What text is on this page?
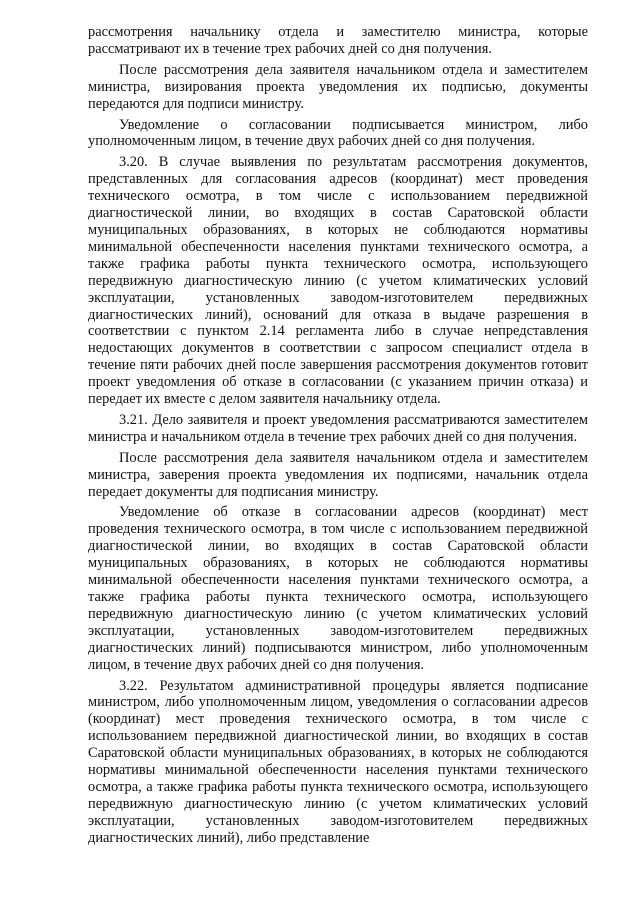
рассмотрения начальнику отдела и заместителю министра, которые рассматривают их в течение трех рабочих дней со дня получения.

После рассмотрения дела заявителя начальником отдела и заместителем министра, визирования проекта уведомления их подписью, документы передаются для подписи министру.

Уведомление о согласовании подписывается министром, либо уполномоченным лицом, в течение двух рабочих дней со дня получения.

3.20. В случае выявления по результатам рассмотрения документов, представленных для согласования адресов (координат) мест проведения технического осмотра, в том числе с использованием передвижной диагностической линии, во входящих в состав Саратовской области муниципальных образованиях, в которых не соблюдаются нормативы минимальной обеспеченности населения пунктами технического осмотра, а также графика работы пункта технического осмотра, использующего передвижную диагностическую линию (с учетом климатических условий эксплуатации, установленных заводом-изготовителем передвижных диагностических линий), оснований для отказа в выдаче разрешения в соответствии с пунктом 2.14 регламента либо в случае непредставления недостающих документов в соответствии с запросом специалист отдела в течение пяти рабочих дней после завершения рассмотрения документов готовит проект уведомления об отказе в согласовании (с указанием причин отказа) и передает их вместе с делом заявителя начальнику отдела.

3.21. Дело заявителя и проект уведомления рассматриваются заместителем министра и начальником отдела в течение трех рабочих дней со дня получения.

После рассмотрения дела заявителя начальником отдела и заместителем министра, заверения проекта уведомления их подписями, начальник отдела передает документы для подписания министру.

Уведомление об отказе в согласовании адресов (координат) мест проведения технического осмотра, в том числе с использованием передвижной диагностической линии, во входящих в состав Саратовской области муниципальных образованиях, в которых не соблюдаются нормативы минимальной обеспеченности населения пунктами технического осмотра, а также графика работы пункта технического осмотра, использующего передвижную диагностическую линию (с учетом климатических условий эксплуатации, установленных заводом-изготовителем передвижных диагностических линий) подписываются министром, либо уполномоченным лицом, в течение двух рабочих дней со дня получения.

3.22. Результатом административной процедуры является подписание министром, либо уполномоченным лицом, уведомления о согласовании адресов (координат) мест проведения технического осмотра, в том числе с использованием передвижной диагностической линии, во входящих в состав Саратовской области муниципальных образованиях, в которых не соблюдаются нормативы минимальной обеспеченности населения пунктами технического осмотра, а также графика работы пункта технического осмотра, использующего передвижную диагностическую линию (с учетом климатических условий эксплуатации, установленных заводом-изготовителем передвижных диагностических линий), либо представление
